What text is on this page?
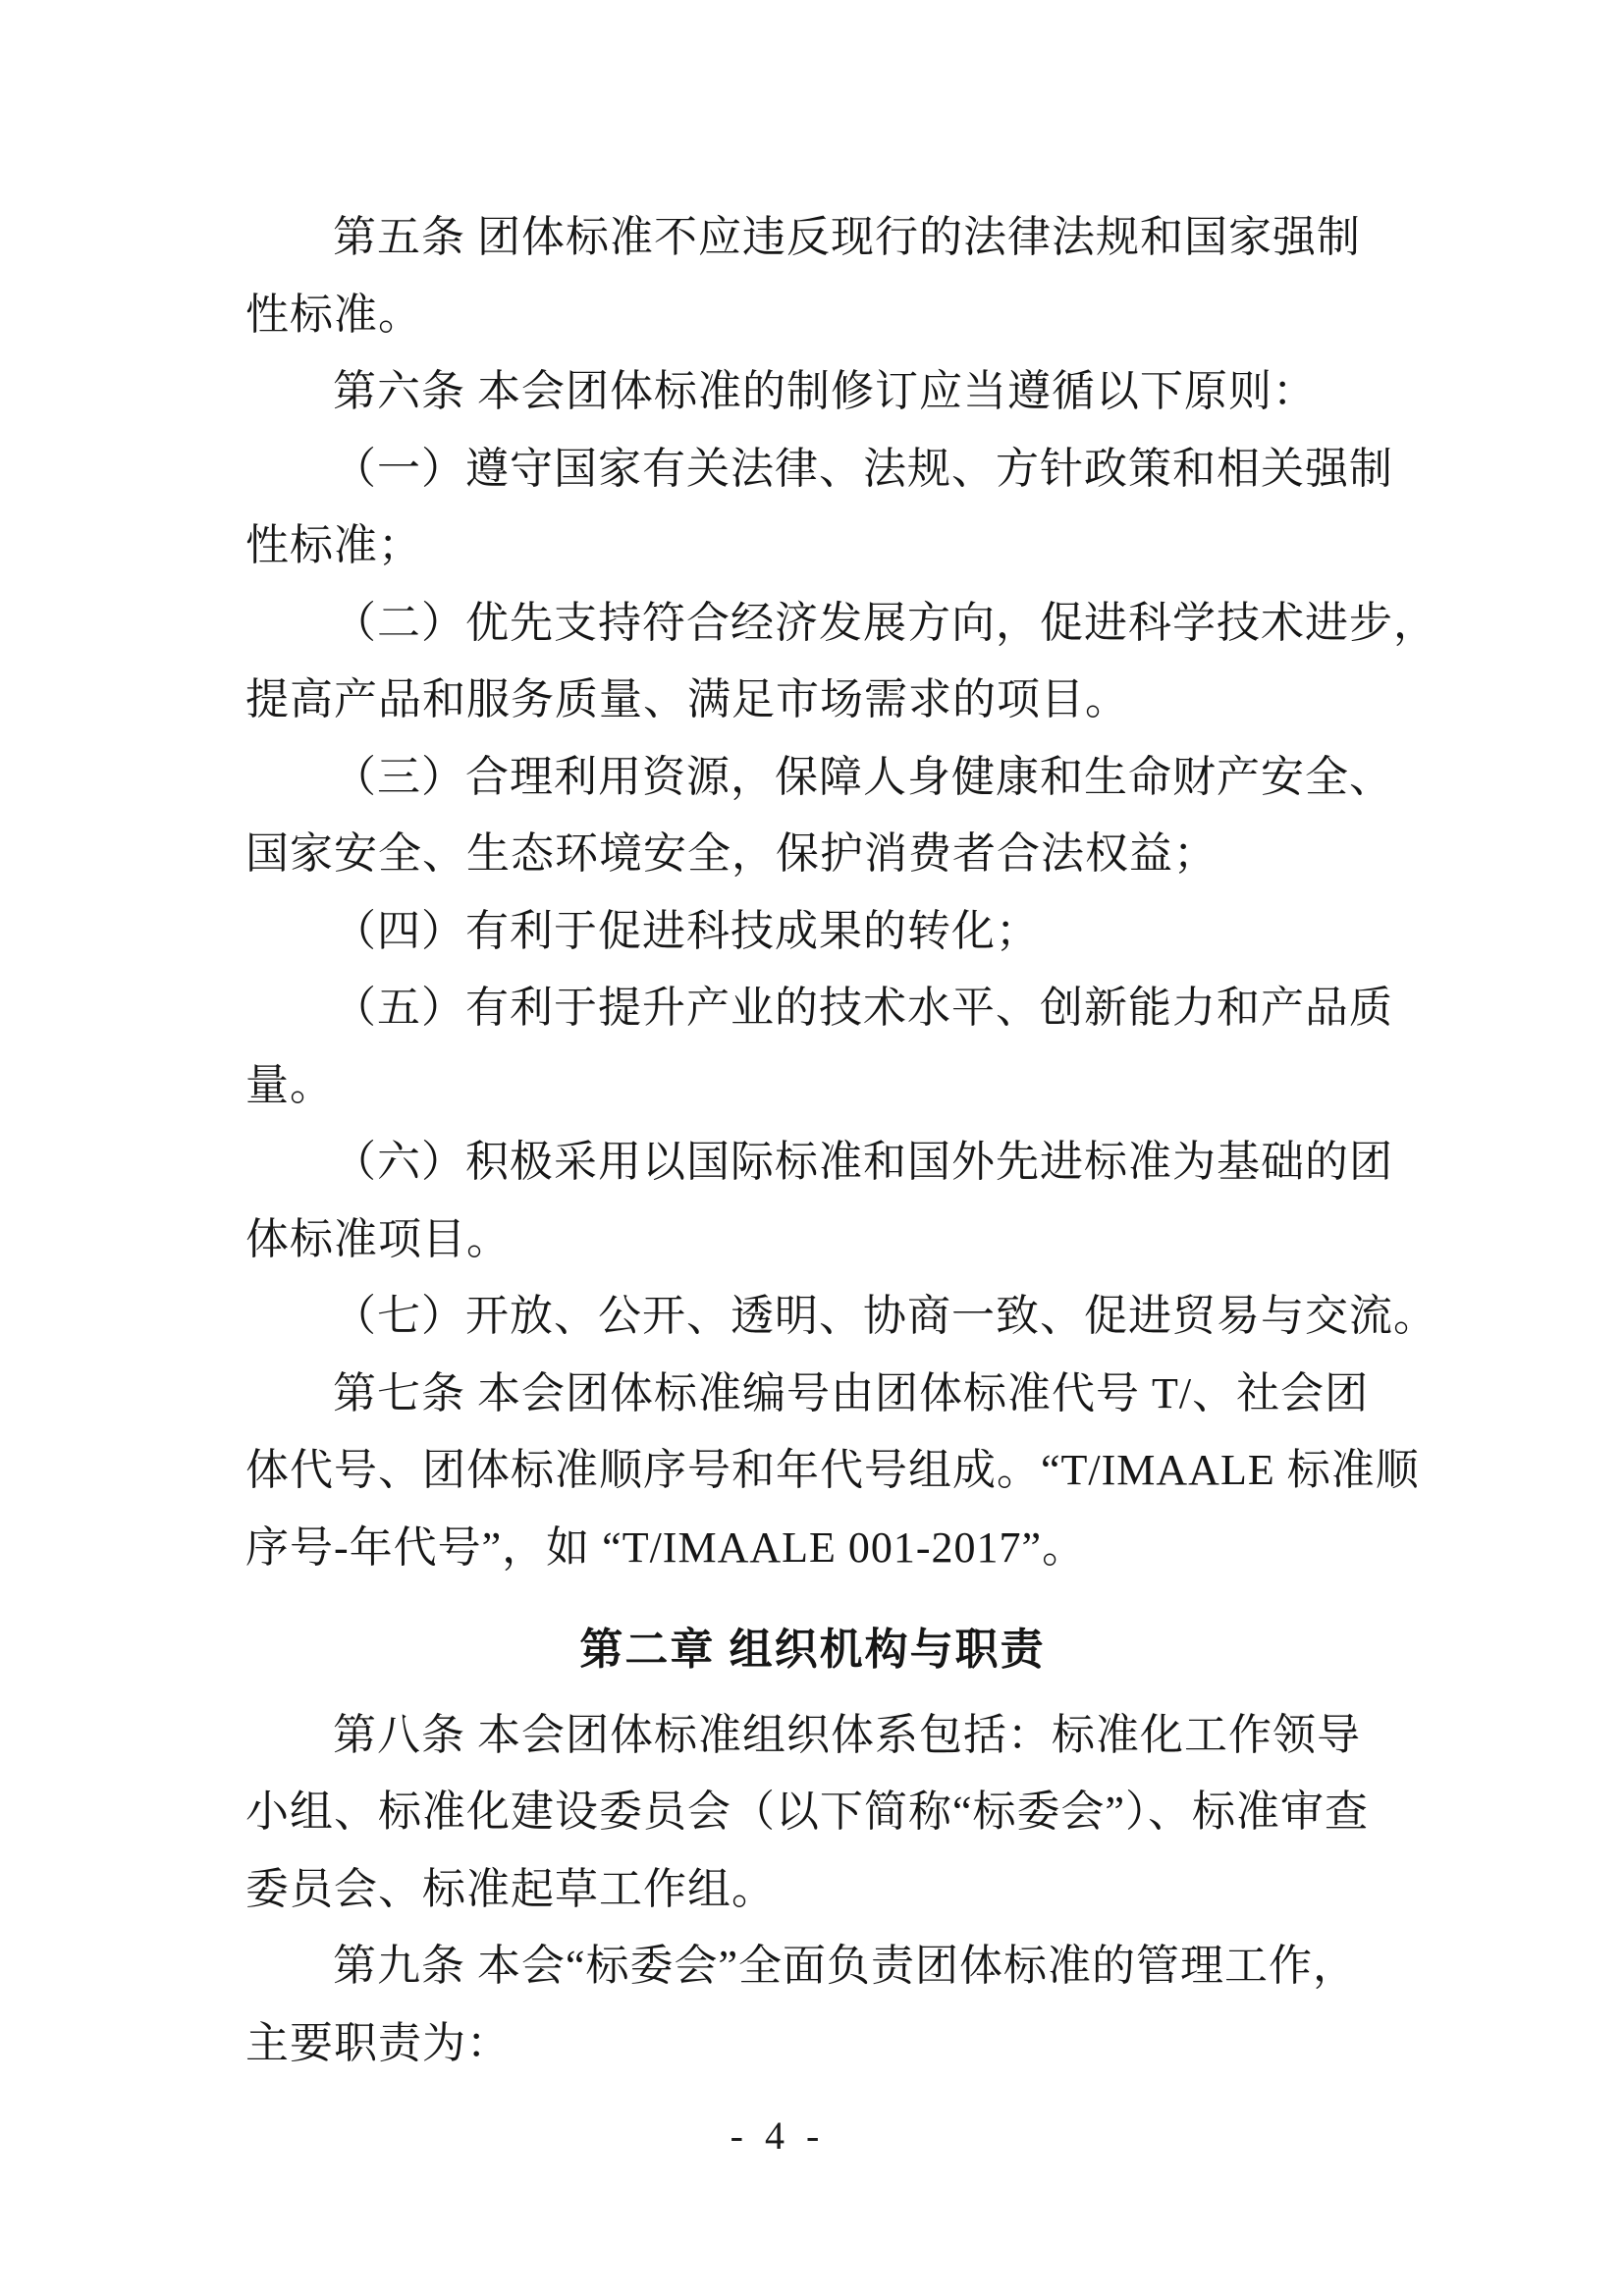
第五条 团体标准不应违反现行的法律法规和国家强制
性标准。
第六条 本会团体标准的制修订应当遵循以下原则：
（一）遵守国家有关法律、法规、方针政策和相关强制
性标准；
（二）优先支持符合经济发展方向，促进科学技术进步，
提高产品和服务质量、满足市场需求的项目。
（三）合理利用资源，保障人身健康和生命财产安全、
国家安全、生态环境安全，保护消费者合法权益；
（四）有利于促进科技成果的转化；
（五）有利于提升产业的技术水平、创新能力和产品质
量。
（六）积极采用以国际标准和国外先进标准为基础的团
体标准项目。
（七）开放、公开、透明、协商一致、促进贸易与交流。
第七条 本会团体标准编号由团体标准代号 T/、社会团
体代号、团体标准顺序号和年代号组成。“T/IMAALE 标准顺
序号-年代号”，如 “T/IMAALE 001-2017”。
第二章 组织机构与职责
第八条 本会团体标准组织体系包括：标准化工作领导
小组、标准化建设委员会（以下简称“标委会”）、标准审查
委员会、标准起草工作组。
第九条 本会“标委会”全面负责团体标准的管理工作，
主要职责为：
- 4 -
